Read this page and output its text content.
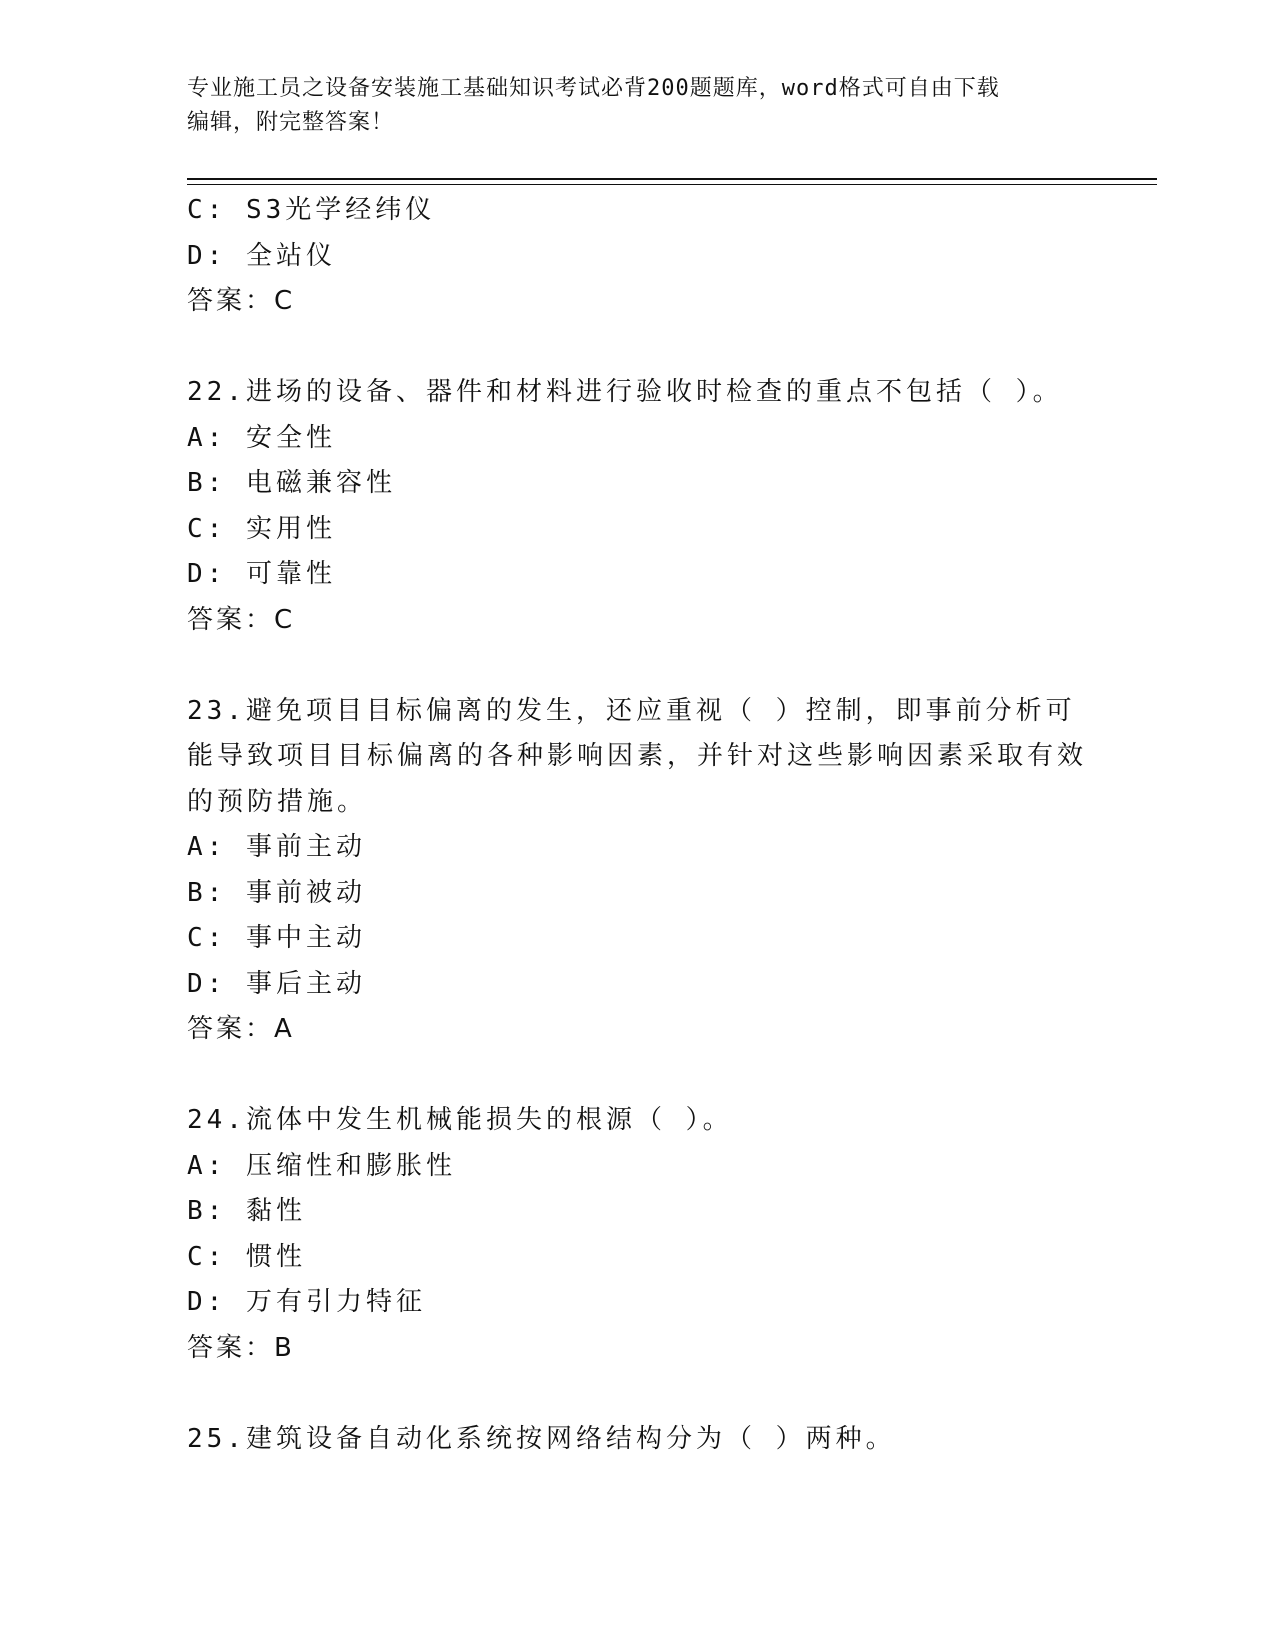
专业施工员之设备安装施工基础知识考试必背200题题库，word格式可自由下载
编辑，附完整答案！
C: S3光学经纬仪
D: 全站仪
答案：C
22.进场的设备、器件和材料进行验收时检查的重点不包括（ ）。
A: 安全性
B: 电磁兼容性
C: 实用性
D: 可靠性
答案：C
23.避免项目目标偏离的发生，还应重视（ ）控制，即事前分析可能导致项目目标偏离的各种影响因素，并针对这些影响因素采取有效的预防措施。
A: 事前主动
B: 事前被动
C: 事中主动
D: 事后主动
答案：A
24.流体中发生机械能损失的根源（ ）。
A: 压缩性和膨胀性
B: 黏性
C: 惯性
D: 万有引力特征
答案：B
25.建筑设备自动化系统按网络结构分为（ ）两种。
